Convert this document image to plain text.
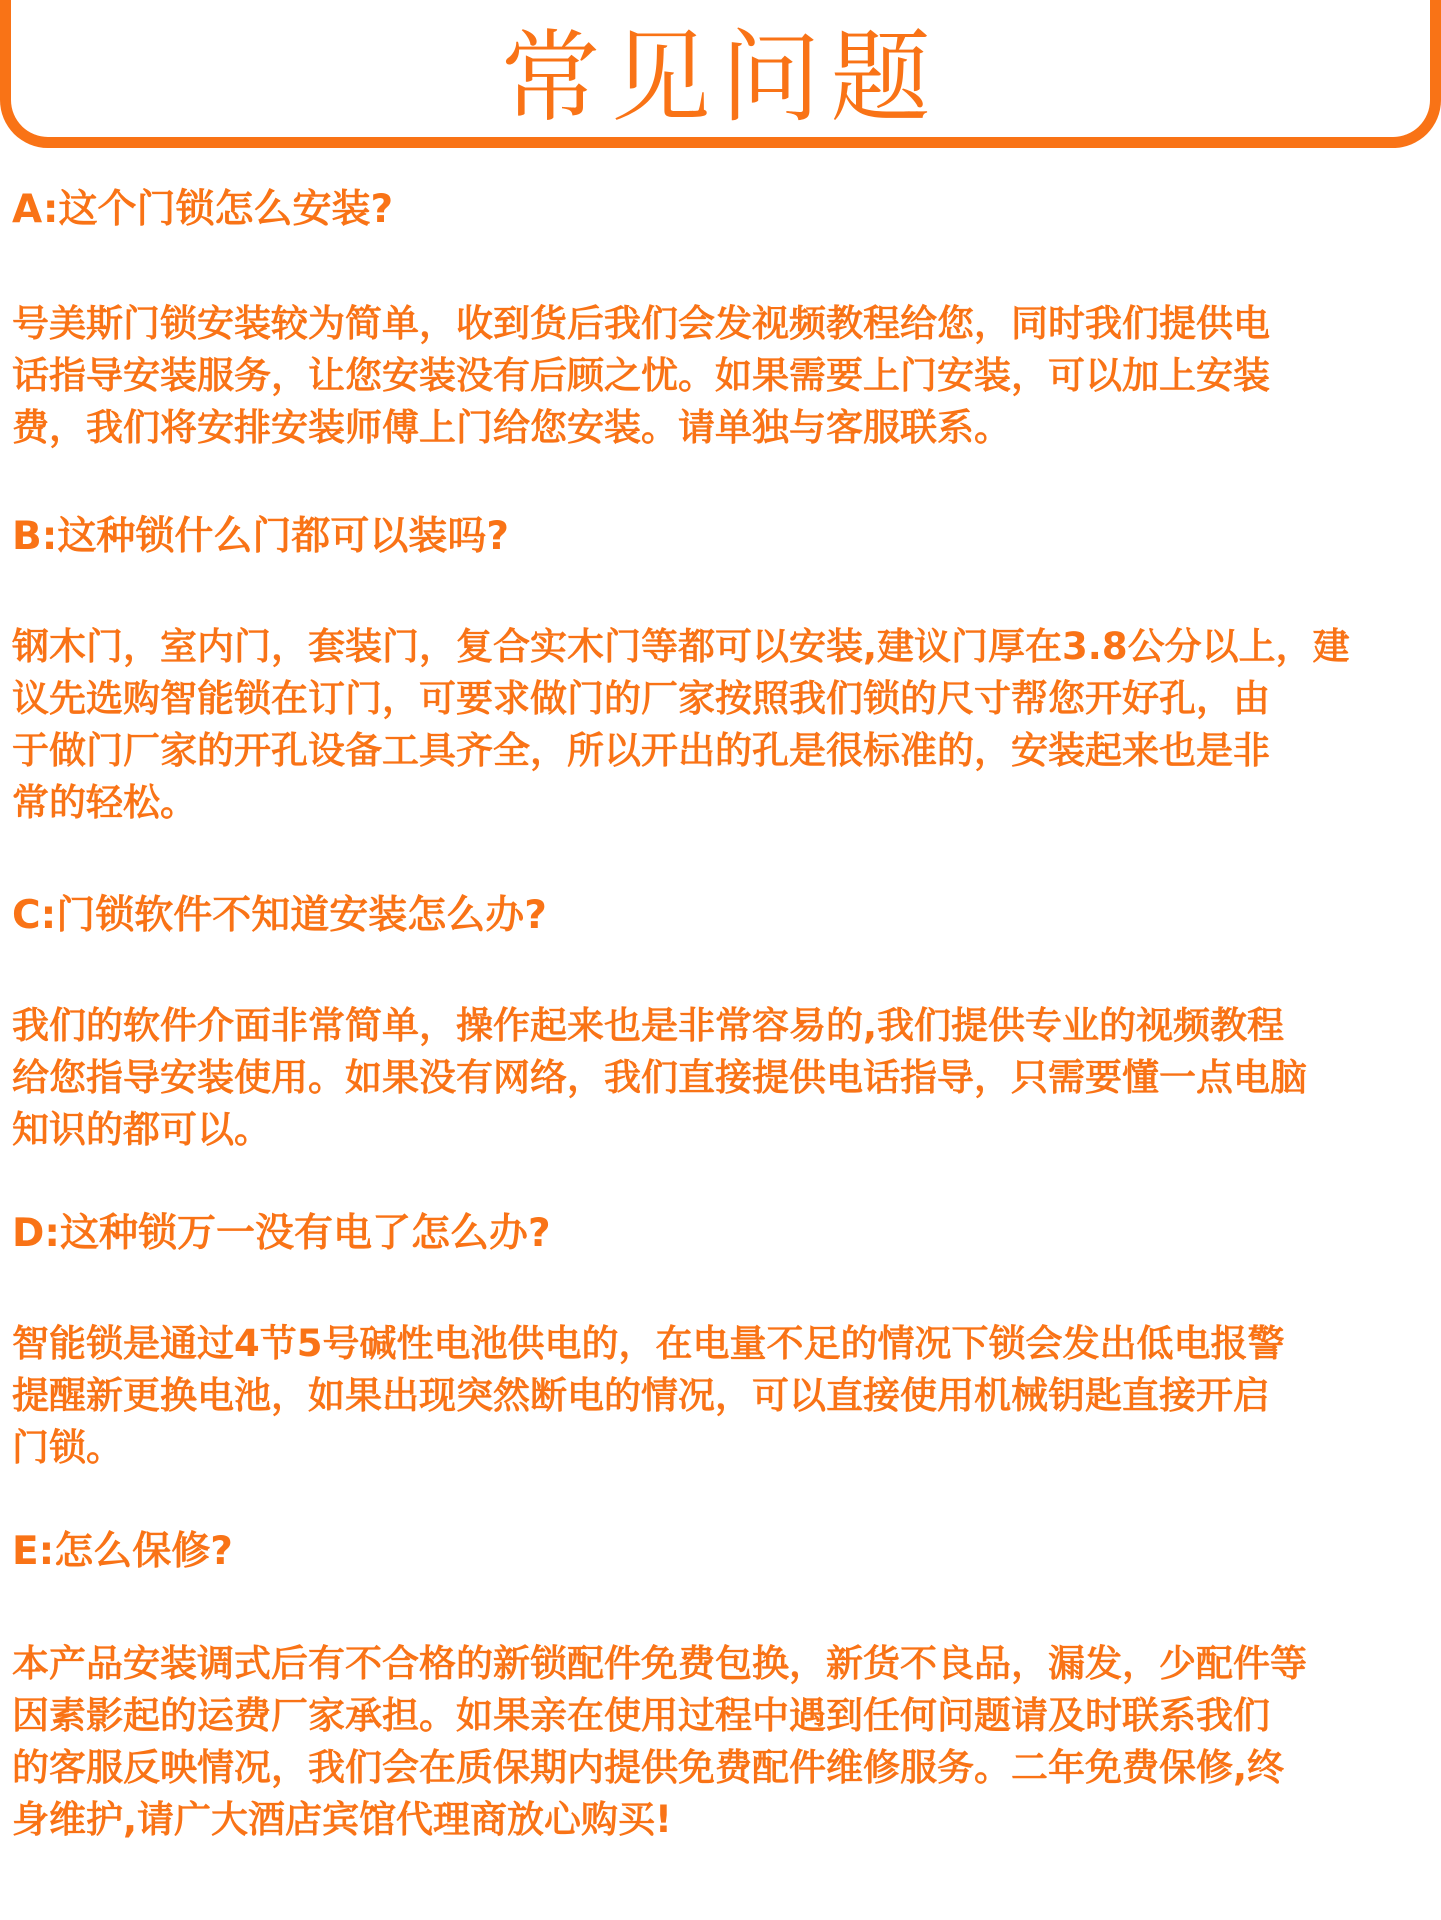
常见问题

A:这个门锁怎么安装?

号美斯门锁安装较为简单，收到货后我们会发视频教程给您，同时我们提供电
话指导安装服务，让您安装没有后顾之忧。如果需要上门安装，可以加上安装
费，我们将安排安装师傅上门给您安装。请单独与客服联系。

B:这种锁什么门都可以装吗?

钢木门，室内门，套装门，复合实木门等都可以安装,建议门厚在3.8公分以上，建
议先选购智能锁在订门，可要求做门的厂家按照我们锁的尺寸帮您开好孔，由
于做门厂家的开孔设备工具齐全，所以开出的孔是很标准的，安装起来也是非
常的轻松。

C:门锁软件不知道安装怎么办?

我们的软件介面非常简单，操作起来也是非常容易的,我们提供专业的视频教程
给您指导安装使用。如果没有网络，我们直接提供电话指导，只需要懂一点电脑
知识的都可以。

D:这种锁万一没有电了怎么办?

智能锁是通过4节5号碱性电池供电的，在电量不足的情况下锁会发出低电报警
提醒新更换电池，如果出现突然断电的情况，可以直接使用机械钥匙直接开启
门锁。

E:怎么保修?

本产品安装调式后有不合格的新锁配件免费包换，新货不良品，漏发，少配件等
因素影起的运费厂家承担。如果亲在使用过程中遇到任何问题请及时联系我们
的客服反映情况，我们会在质保期内提供免费配件维修服务。二年免费保修,终
身维护,请广大酒店宾馆代理商放心购买!
